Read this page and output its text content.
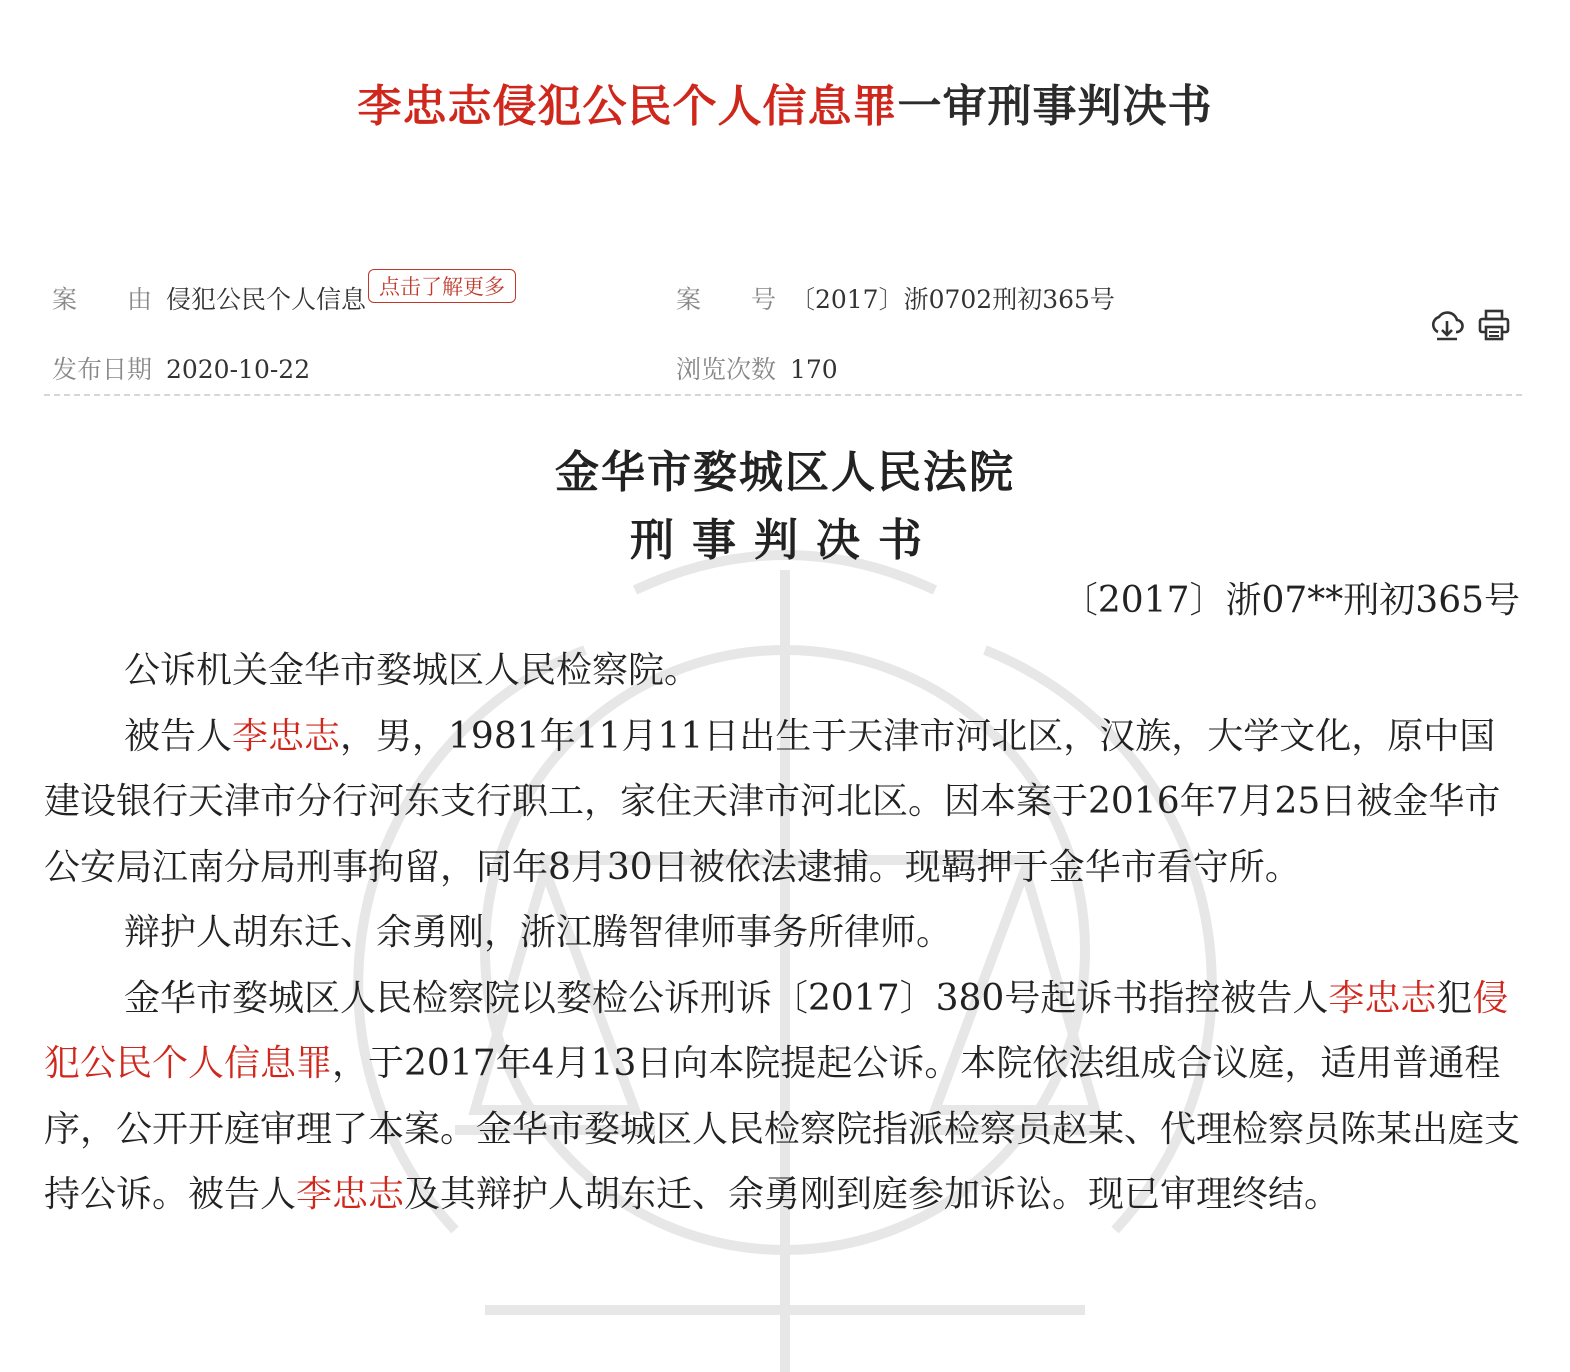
李忠志侵犯公民个人信息罪一审刑事判决书
案　　由 侵犯公民个人信息 点击了解更多	案　　号 〔2017〕浙0702刑初365号
发布日期 2020-10-22	浏览次数 170

金华市婺城区人民法院
刑事判决书
〔2017〕浙07**刑初365号

公诉机关金华市婺城区人民检察院。

被告人李忠志，男，1981年11月11日出生于天津市河北区，汉族，大学文化，原中国建设银行天津市分行河东支行职工，家住天津市河北区。因本案于2016年7月25日被金华市公安局江南分局刑事拘留，同年8月30日被依法逮捕。现羁押于金华市看守所。

辩护人胡东迁、余勇刚，浙江腾智律师事务所律师。

金华市婺城区人民检察院以婺检公诉刑诉〔2017〕380号起诉书指控被告人李忠志犯侵犯公民个人信息罪，于2017年4月13日向本院提起公诉。本院依法组成合议庭，适用普通程序，公开开庭审理了本案。金华市婺城区人民检察院指派检察员赵某、代理检察员陈某出庭支持公诉。被告人李忠志及其辩护人胡东迁、余勇刚到庭参加诉讼。现已审理终结。
